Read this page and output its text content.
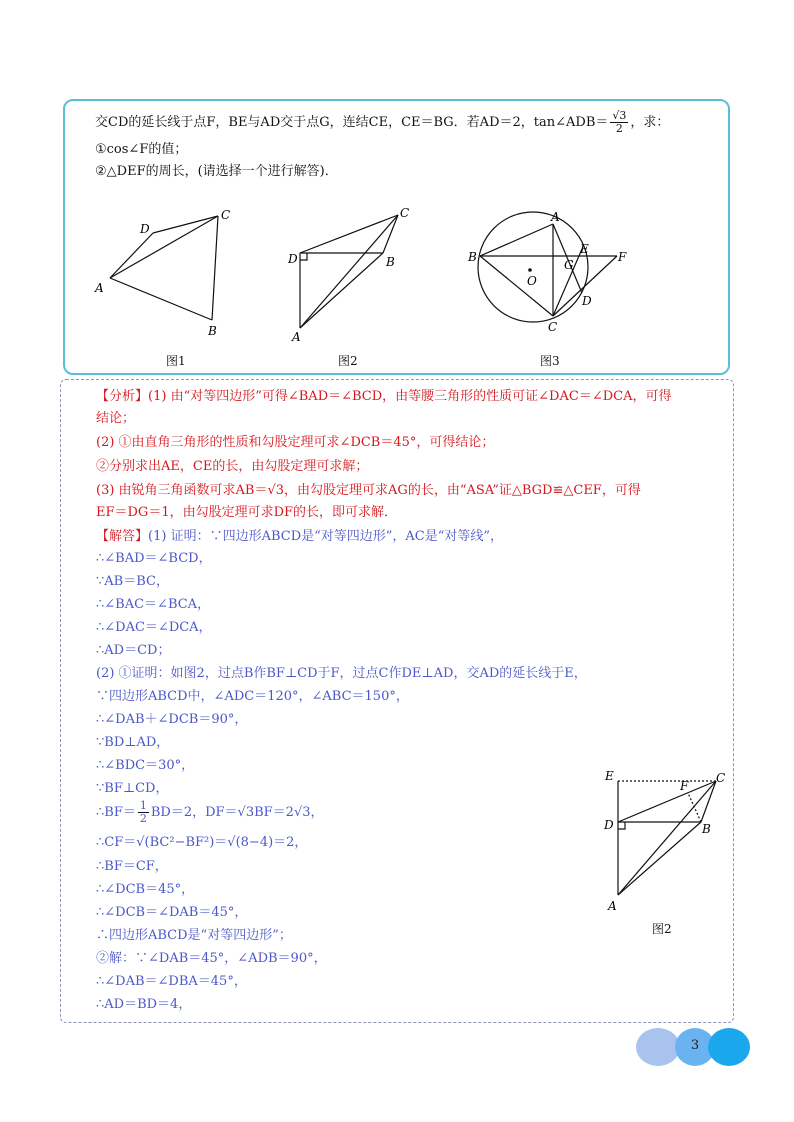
交CD的延长线于点F，BE与AD交于点G，连结CE，CE＝BG．若AD＝2，tan∠ADB＝ $\frac{√3}{2}$ ，求：
①cos∠F的值；
②△DEF的周长，(请选择一个进行解答)．
A
D
C
B
图1
D	B
C
A
图2
B
A
E
F
G
O
D
C
图3
【分析】(1) 由“对等四边形”可得∠BAD＝∠BCD，由等腰三角形的性质可证∠DAC＝∠DCA，可得
结论；
(2) ①由直角三角形的性质和勾股定理可求∠DCB＝45°，可得结论；
②分别求出AE，CE的长，由勾股定理可求解；
(3) 由锐角三角函数可求AB＝√3，由勾股定理可求AG的长，由“ASA”证△BGD≌△CEF，可得
EF＝DG＝1，由勾股定理可求DF的长，即可求解．
【解答】(1) 证明：∵四边形ABCD是“对等四边形”，AC是“对等线”，
∴∠BAD＝∠BCD，
∵AB＝BC，
∴∠BAC＝∠BCA，
∴∠DAC＝∠DCA，
∴AD＝CD；
(2) ①证明：如图2，过点B作BF⊥CD于F，过点C作DE⊥AD，交AD的延长线于E，
∵四边形ABCD中，∠ADC＝120°，∠ABC＝150°，
∴∠DAB＋∠DCB＝90°，
∵BD⊥AD，
∴∠BDC＝30°，
∵BF⊥CD，
∴BF＝ $\frac{1}{2} BD=2$，DF＝√3BF＝2√3，
∴CF＝√(BC²−BF²)＝√(8−4)＝2，
∴BF＝CF，
∴∠DCB＝45°，
∴∠DCB＝∠DAB＝45°，
∴四边形ABCD是“对等四边形”；
②解：∵∠DAB＝45°，∠ADB＝90°，
∴∠DAB＝∠DBA＝45°，
∴AD＝BD＝4，
E
F
C
D	B
A
图2
3
